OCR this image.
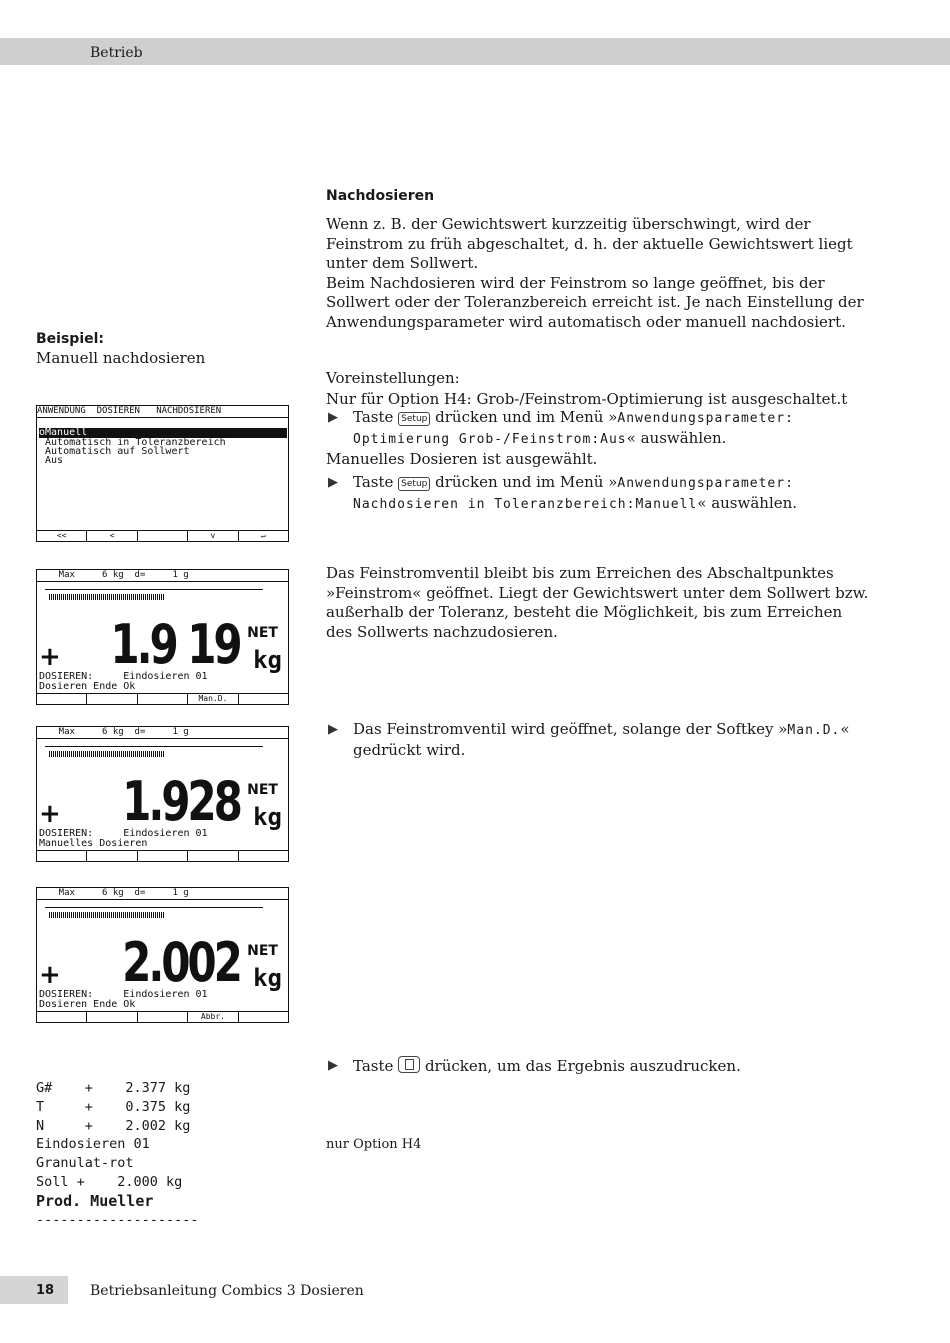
Betrieb
Nachdosieren
Wenn z. B. der Gewichtswert kurzzeitig überschwingt, wird der Feinstrom zu früh abgeschaltet, d. h. der aktuelle Gewichtswert liegt unter dem Sollwert.
Beim Nachdosieren wird der Feinstrom so lange geöffnet, bis der Sollwert oder der Toleranzbereich erreicht ist. Je nach Einstellung der Anwendungsparameter wird automatisch oder manuell nachdosiert.
Beispiel:
Manuell nachdosieren
Voreinstellungen:
Nur für Option H4: Grob-/Feinstrom-Optimierung ist ausgeschaltet.t
▶ Taste Setup drücken und im Menü »Anwendungsparameter: Optimierung Grob-/Feinstrom:Aus« auswählen.
Manuelles Dosieren ist ausgewählt.
▶ Taste Setup drücken und im Menü »Anwendungsparameter: Nachdosieren in Toleranzbereich:Manuell« auswählen.
ANWENDUNG  DOSIEREN   NACHDOSIEREN
oManuell
Automatisch in Toleranzbereich
Automatisch auf Sollwert
Aus
<<	<	v	↵
Das Feinstromventil bleibt bis zum Erreichen des Abschaltpunktes »Feinstrom« geöffnet. Liegt der Gewichtswert unter dem Sollwert bzw. außerhalb der Toleranz, besteht die Möglichkeit, bis zum Erreichen des Sollwerts nachzudosieren.
Max     6 kg  d=     1 g
1.9 19 NET
kg
+
DOSIEREN:     Eindosieren 01
Dosieren Ende Ok
Man.D.
▶ Das Feinstromventil wird geöffnet, solange der Softkey »Man.D.« gedrückt wird.
Max     6 kg  d=     1 g
1.928 NET
kg
+
DOSIEREN:     Eindosieren 01
Manuelles Dosieren
Max     6 kg  d=     1 g
2.002 NET
kg
+
DOSIEREN:     Eindosieren 01
Dosieren Ende Ok
Abbr.
▶ Taste drücken, um das Ergebnis auszudrucken.
nur Option H4
G#    +    2.377 kg
T     +    0.375 kg
N     +    2.002 kg
Eindosieren 01
Granulat-rot
Soll +    2.000 kg
Prod. Mueller
--------------------
18	Betriebsanleitung Combics 3 Dosieren
